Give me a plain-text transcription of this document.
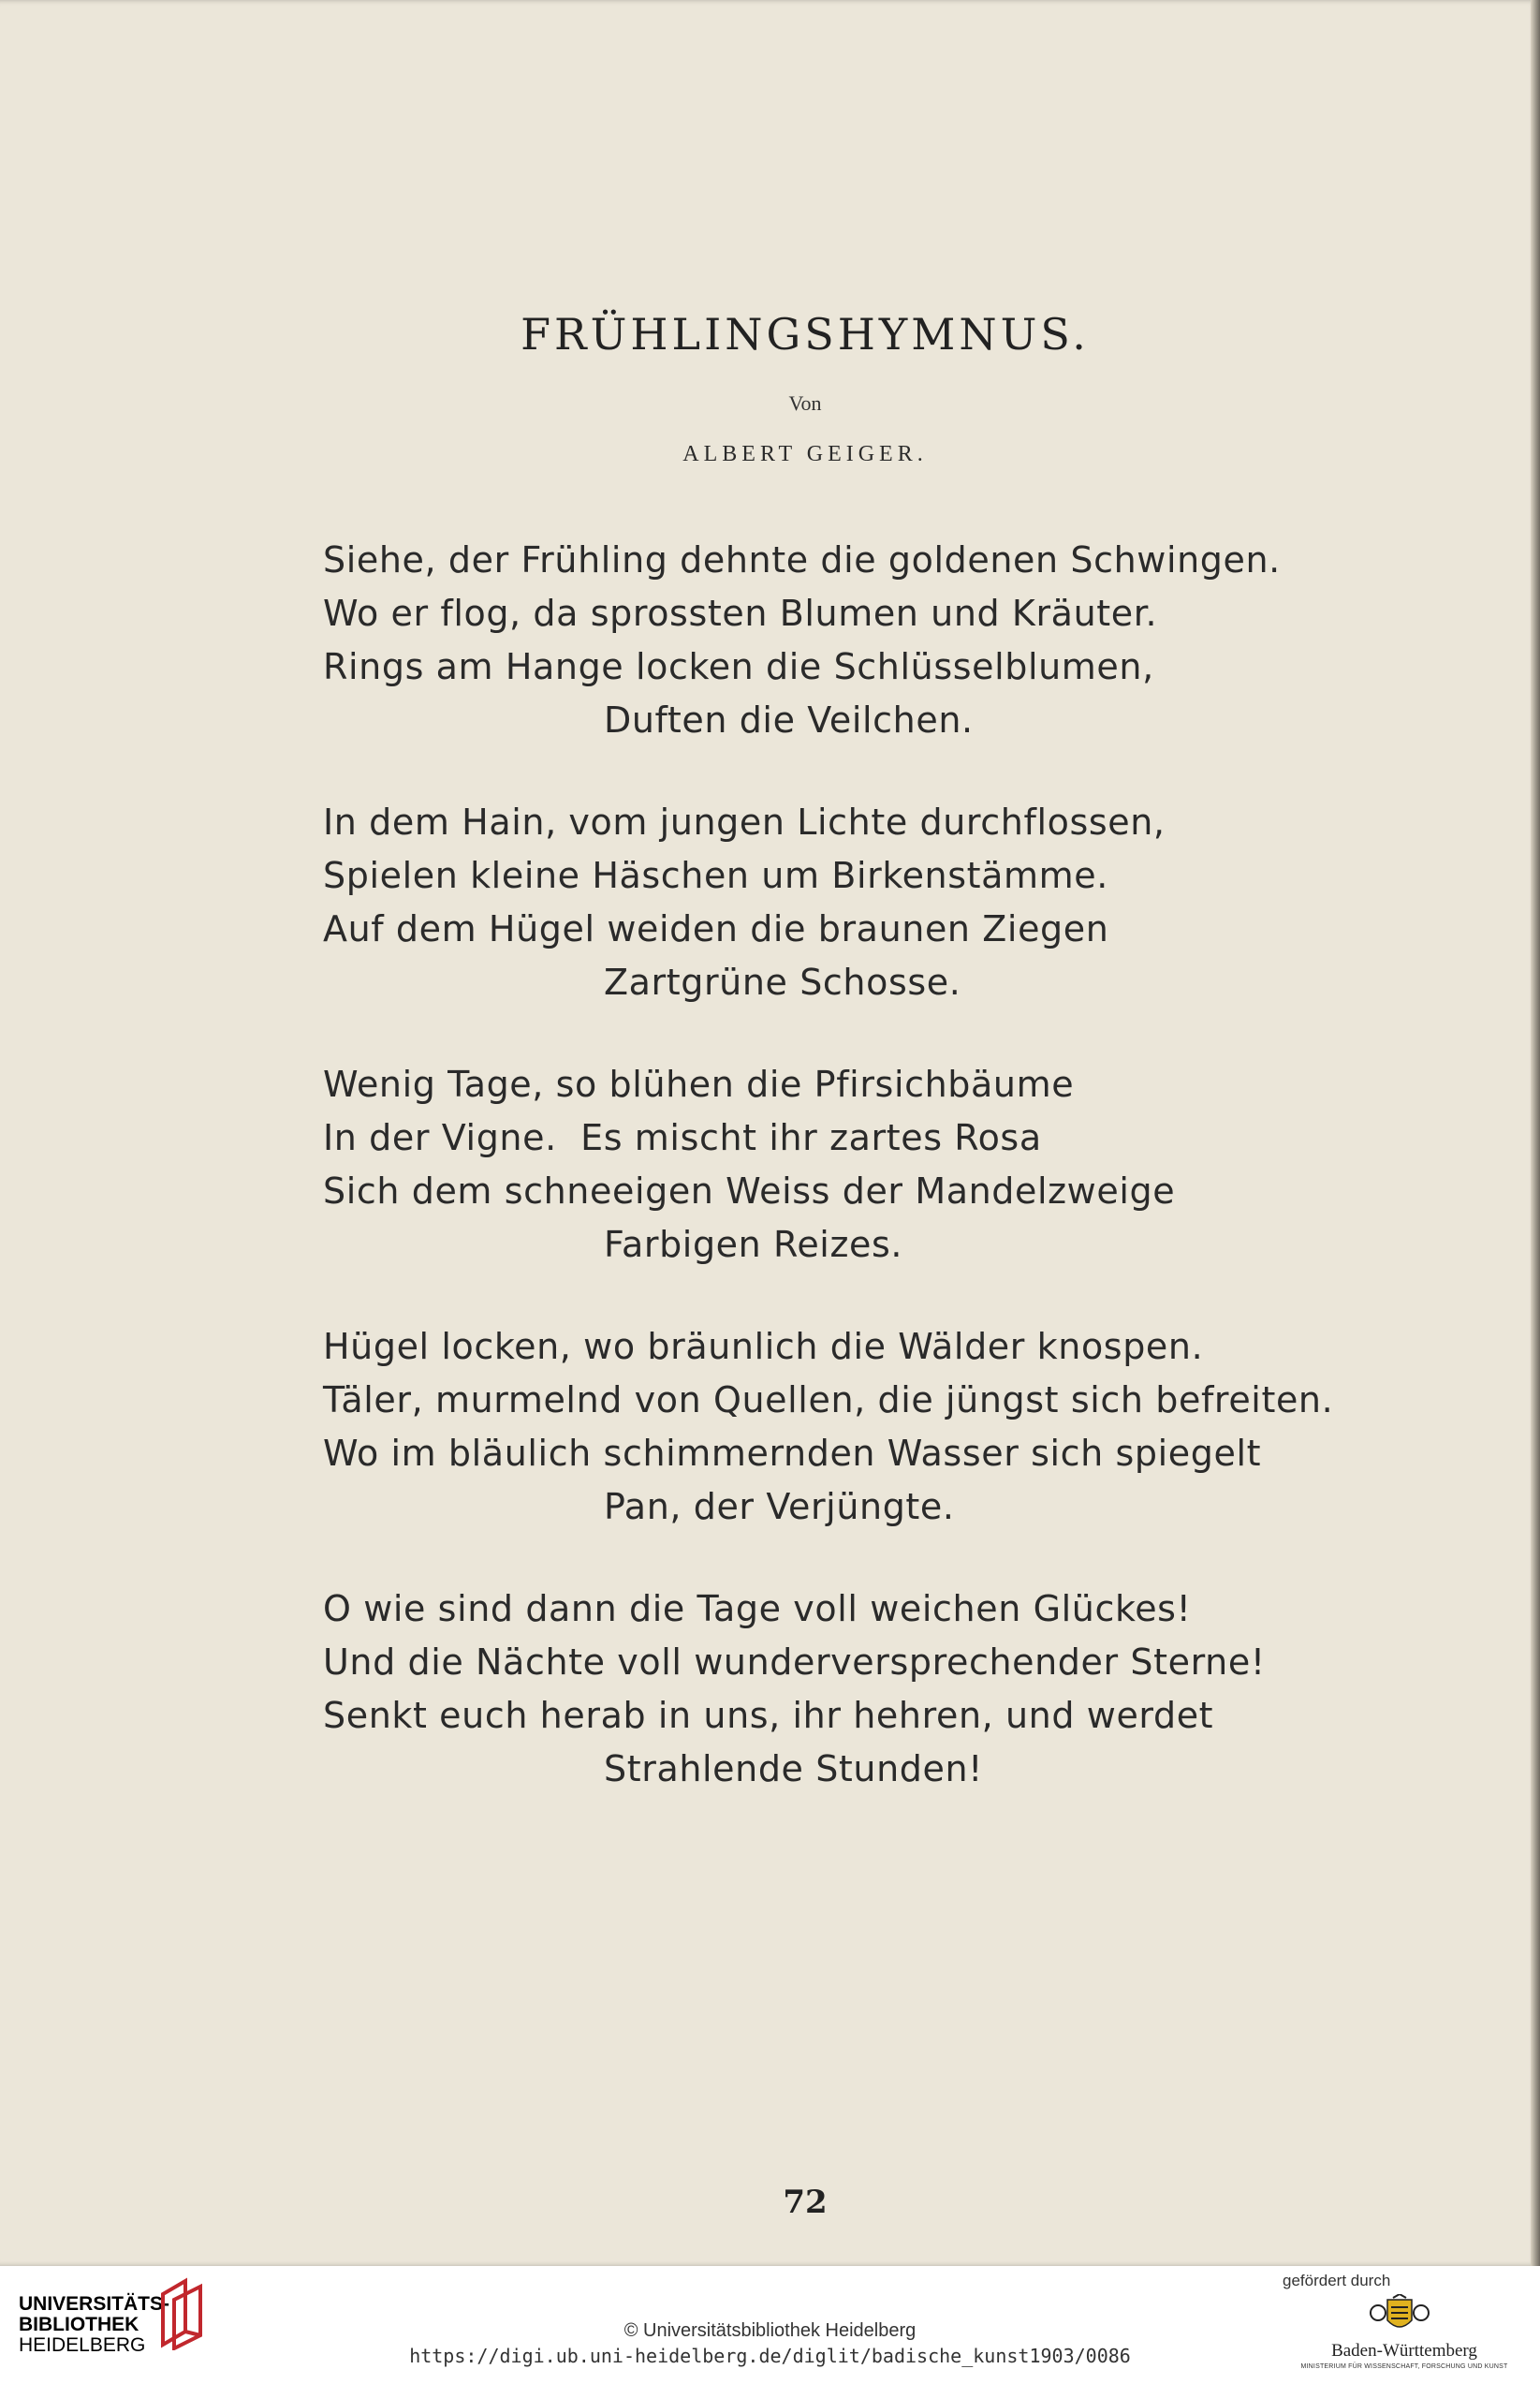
FRÜHLINGSHYMNUS.
Von
ALBERT GEIGER.
Siehe, der Frühling dehnte die goldenen Schwingen.
Wo er flog, da sprossten Blumen und Kräuter.
Rings am Hange locken die Schlüsselblumen,
Duften die Veilchen.
In dem Hain, vom jungen Lichte durchflossen,
Spielen kleine Häschen um Birkenstämme.
Auf dem Hügel weiden die braunen Ziegen
Zartgrüne Schosse.
Wenig Tage, so blühen die Pfirsichbäume
In der Vigne.  Es mischt ihr zartes Rosa
Sich dem schneeigen Weiss der Mandelzweige
Farbigen Reizes.
Hügel locken, wo bräunlich die Wälder knospen.
Täler, murmelnd von Quellen, die jüngst sich befreiten.
Wo im bläulich schimmernden Wasser sich spiegelt
Pan, der Verjüngte.
O wie sind dann die Tage voll weichen Glückes!
Und die Nächte voll wunderversprechender Sterne!
Senkt euch herab in uns, ihr hehren, und werdet
Strahlende Stunden!
72
UNIVERSITÄTS-
BIBLIOTHEK
HEIDELBERG
© Universitätsbibliothek Heidelberg
https://digi.ub.uni-heidelberg.de/diglit/badische_kunst1903/0086
gefördert durch
Baden-Württemberg
MINISTERIUM FÜR WISSENSCHAFT, FORSCHUNG UND KUNST
